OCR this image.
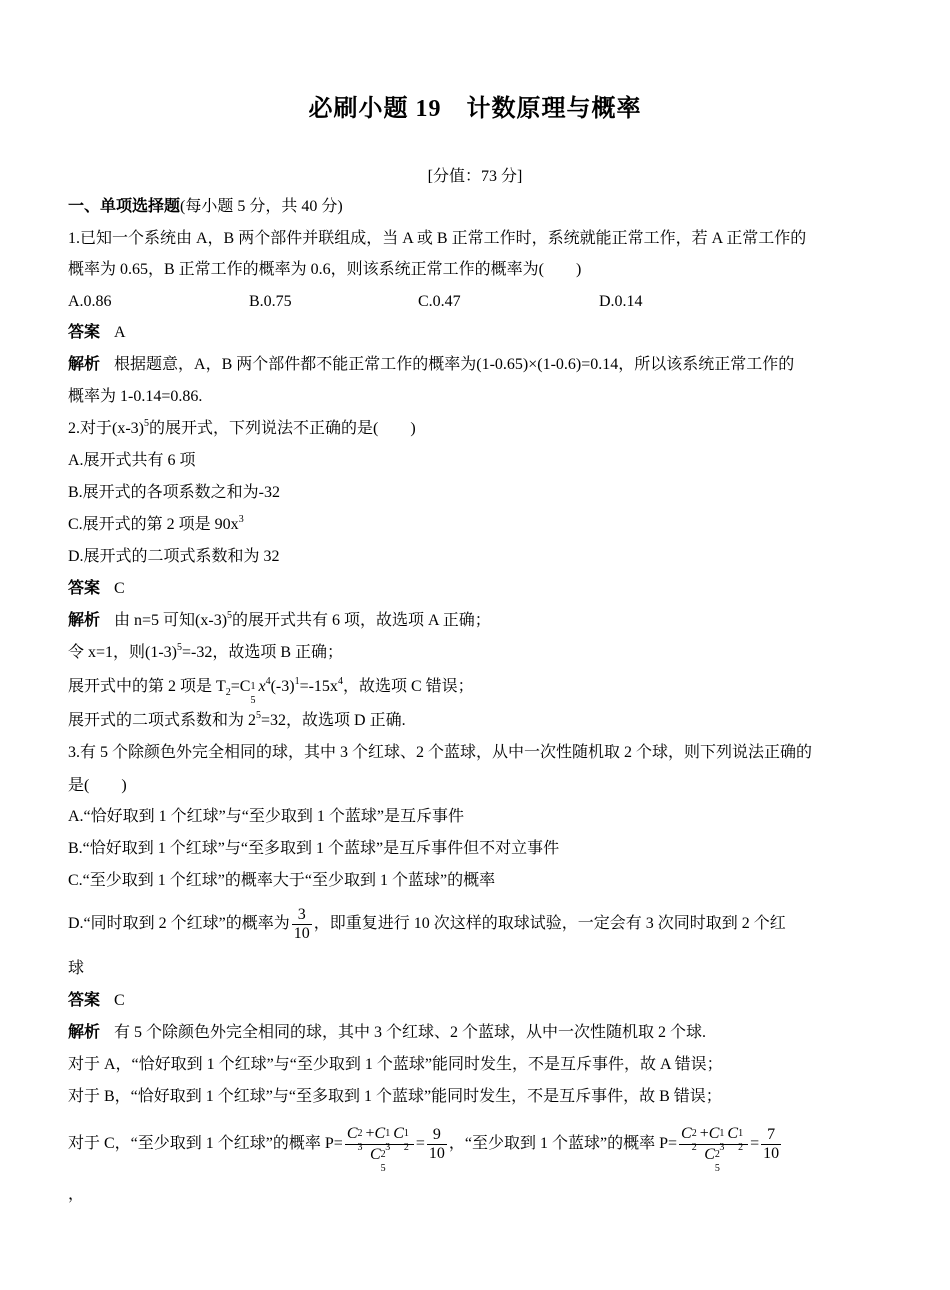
必刷小题 19　计数原理与概率
[分值：73 分]
一、单项选择题(每小题 5 分，共 40 分)
1.已知一个系统由 A，B 两个部件并联组成，当 A 或 B 正常工作时，系统就能正常工作，若 A 正常工作的
概率为 0.65，B 正常工作的概率为 0.6，则该系统正常工作的概率为(　　)
A.0.86	B.0.75	C.0.47	D.0.14
答案 A
解析 根据题意，A，B 两个部件都不能正常工作的概率为(1-0.65)×(1-0.6)=0.14，所以该系统正常工作的
概率为 1-0.14=0.86.
2.对于$(x-3)^5$的展开式，下列说法不正确的是(　　)
A.展开式共有 6 项
B.展开式的各项系数之和为-32
C.展开式的第 2 项是 $90x^3$
D.展开式的二项式系数和为 32
答案 C
解析 由 n=5 可知$(x-3)^5$的展开式共有 6 项，故选项 A 正确；
令 x=1，则$(1-3)^5=-32$，故选项 B 正确；
展开式中的第 2 项是 $T_2=C$ 1
5
$x^4(-3)^1=-15x^4$，故选项 C 错误；
展开式的二项式系数和为 $2^5=32$，故选项 D 正确.
3.有 5 个除颜色外完全相同的球，其中 3 个红球、2 个蓝球，从中一次性随机取 2 个球，则下列说法正确的
是(　　)
A.“恰好取到 1 个红球”与“至少取到 1 个蓝球”是互斥事件
B.“恰好取到 1 个红球”与“至多取到 1 个蓝球”是互斥事件但不对立事件
C.“至少取到 1 个红球”的概率大于“至少取到 1 个蓝球”的概率
D.“同时取到 2 个红球”的概率为 $\frac{3}{10}$ ，即重复进行 10 次这样的取球试验，一定会有 3 次同时取到 2 个红
球
答案 C
解析 有 5 个除颜色外完全相同的球，其中 3 个红球、2 个蓝球，从中一次性随机取 2 个球.
对于 A，“恰好取到 1 个红球”与“至少取到 1 个蓝球”能同时发生，不是互斥事件，故 A 错误；
对于 B，“恰好取到 1 个红球”与“至多取到 1 个蓝球”能同时发生，不是互斥事件，故 B 错误；
对于 C，“至少取到 1 个红球”的概率 P= C 2
3
+C 1
3
C 1
2
C 2
$5 = \frac{9}{10}$ ，“至少取到 1 个蓝球”的概率 P= C 2
2
+C 1
3
C 1
2
C 2
$5 = \frac{7}{10}$
，
